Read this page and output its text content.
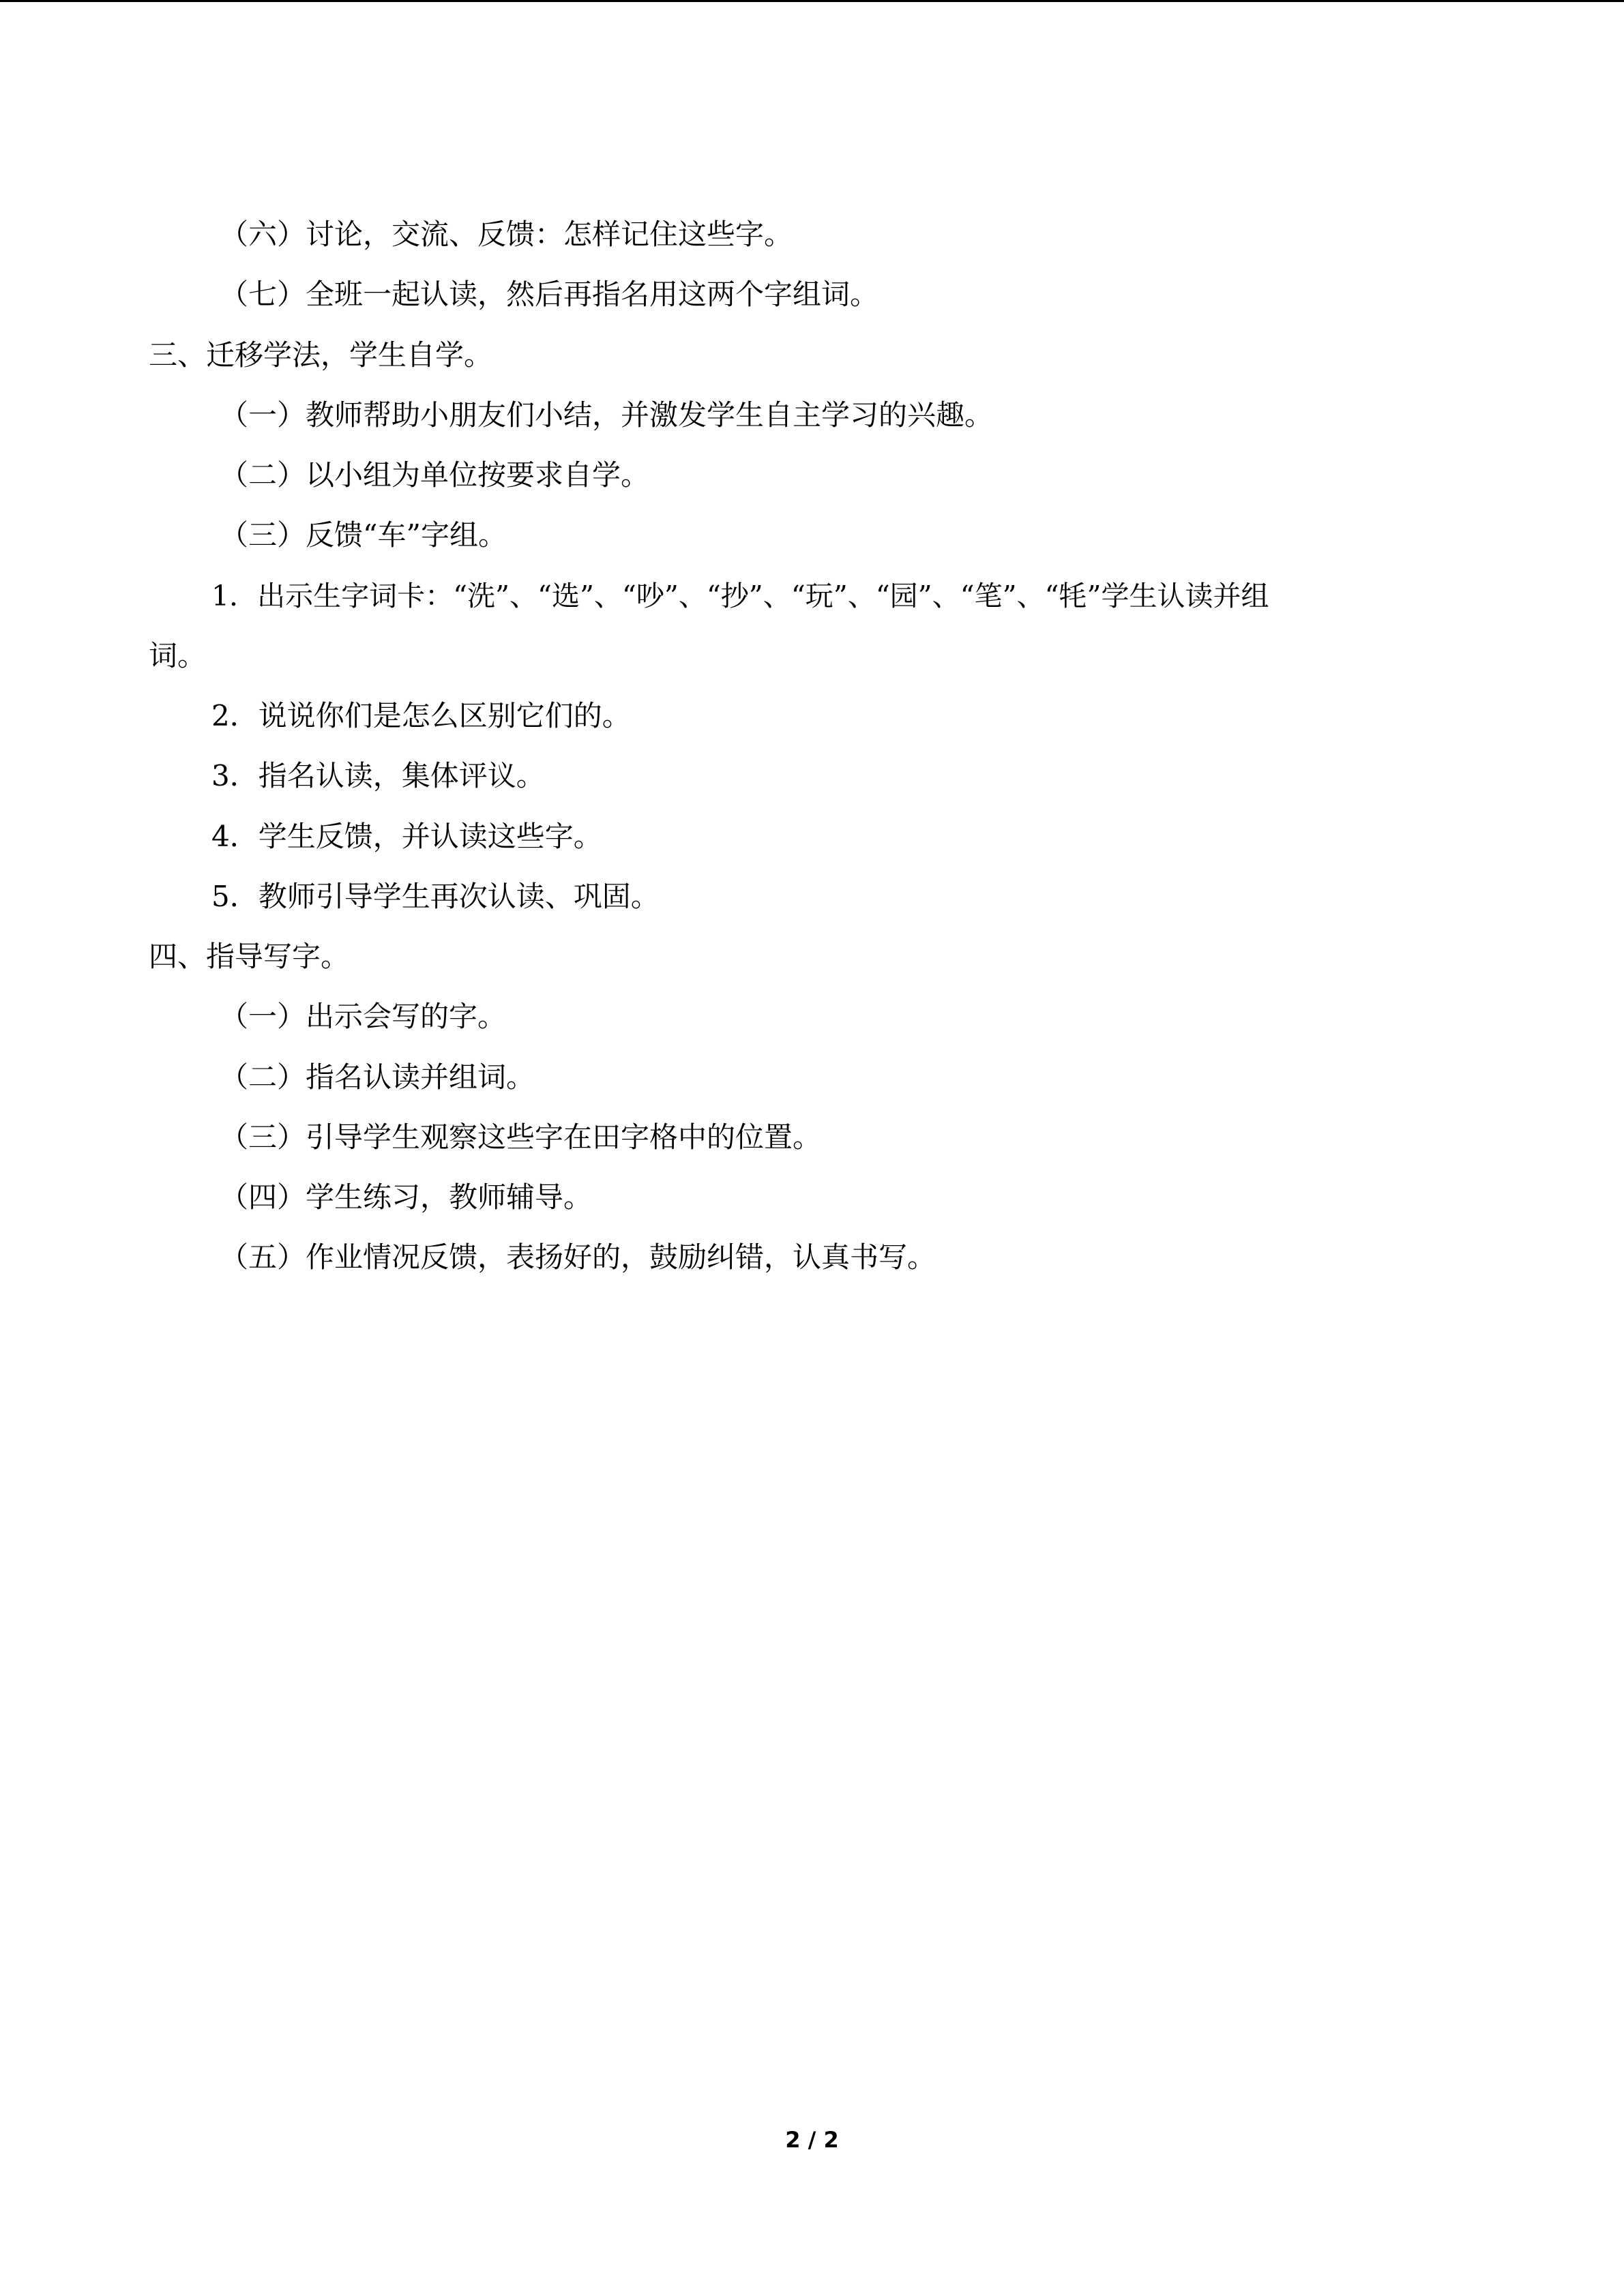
（六）讨论，交流、反馈：怎样记住这些字。
（七）全班一起认读，然后再指名用这两个字组词。
三、迁移学法，学生自学。
（一）教师帮助小朋友们小结，并激发学生自主学习的兴趣。
（二）以小组为单位按要求自学。
（三）反馈“车”字组。
1．出示生字词卡：“洗”、“选”、“吵”、“抄”、“玩”、“园”、“笔”、“牦”学生认读并组
词。
2．说说你们是怎么区别它们的。
3．指名认读，集体评议。
4．学生反馈，并认读这些字。
5．教师引导学生再次认读、巩固。
四、指导写字。
（一）出示会写的字。
（二）指名认读并组词。
（三）引导学生观察这些字在田字格中的位置。
（四）学生练习，教师辅导。
（五）作业情况反馈，表扬好的，鼓励纠错，认真书写。
2 / 2
